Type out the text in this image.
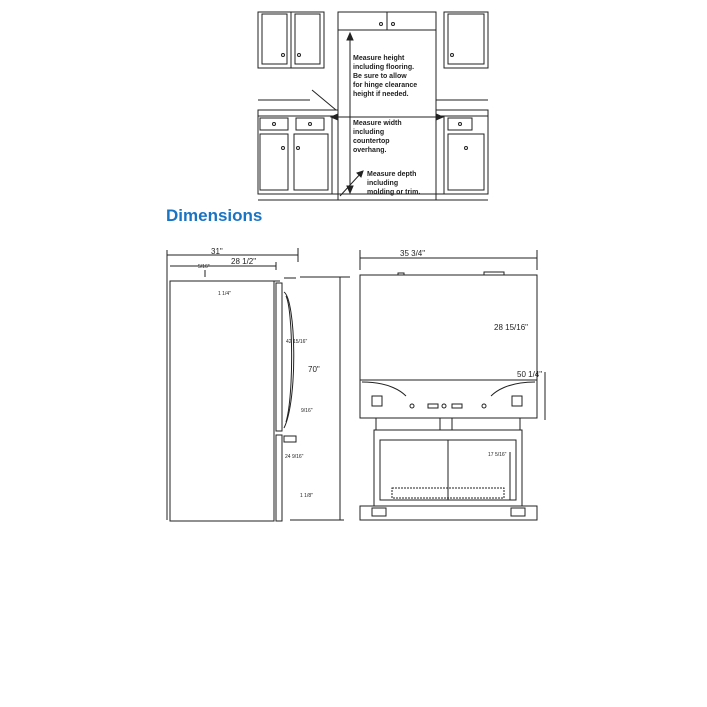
Measure height
including flooring.
Be sure to allow
for hinge clearance
height if needed.
Measure width
including
countertop
overhang.
Measure depth
including
molding or trim.
31"
28 1/2"
5/16"
1 1/4"
42 15/16"
70"
9/16"
24 9/16"
1 1/8"
35 3/4"
28 15/16"
50 1/4"
17 5/16"
Dimensions
